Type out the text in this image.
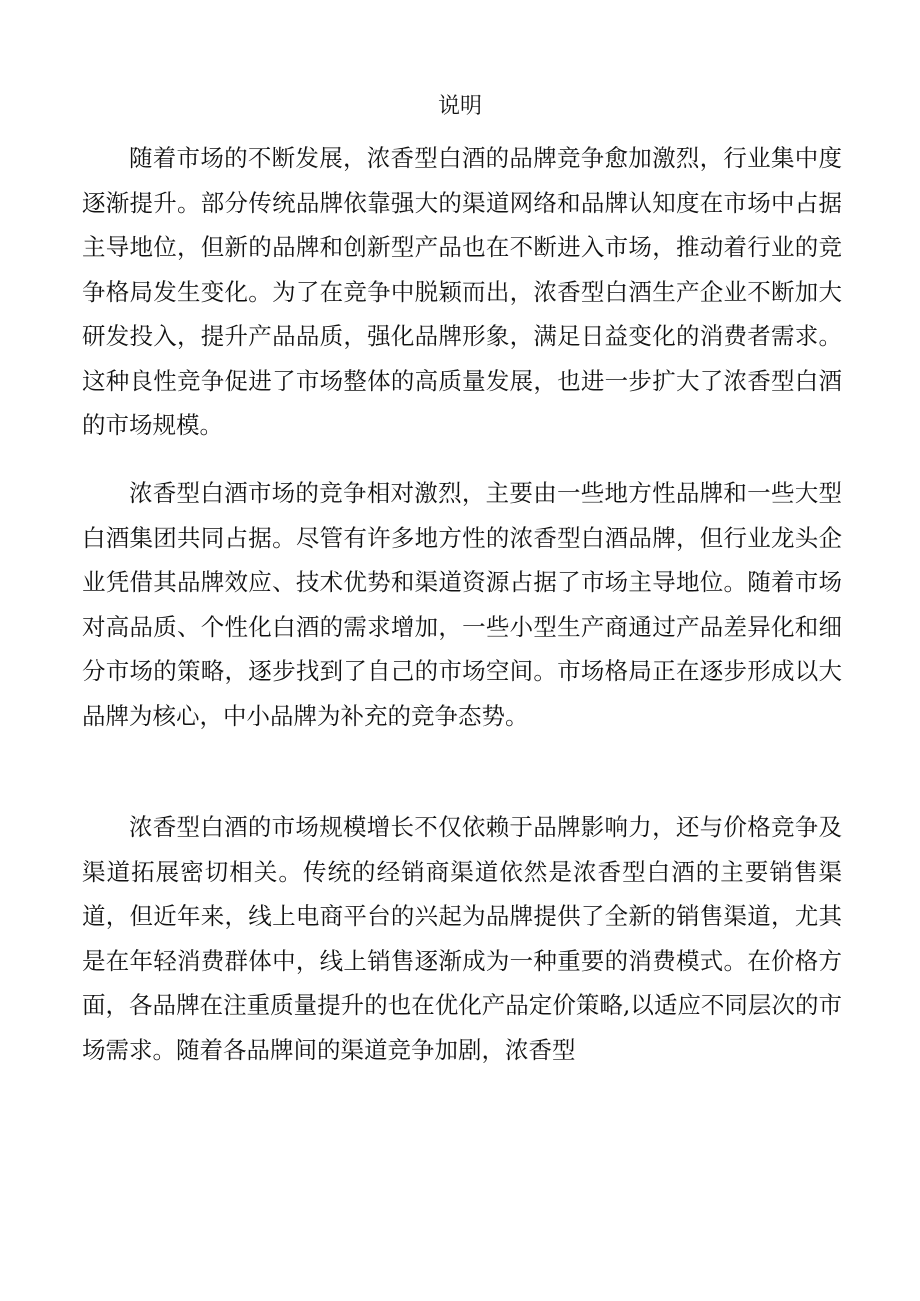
说明

随着市场的不断发展，浓香型白酒的品牌竞争愈加激烈，行业集中度逐渐提升。部分传统品牌依靠强大的渠道网络和品牌认知度在市场中占据主导地位，但新的品牌和创新型产品也在不断进入市场，推动着行业的竞争格局发生变化。为了在竞争中脱颖而出，浓香型白酒生产企业不断加大研发投入，提升产品品质，强化品牌形象，满足日益变化的消费者需求。这种良性竞争促进了市场整体的高质量发展，也进一步扩大了浓香型白酒的市场规模。

浓香型白酒市场的竞争相对激烈，主要由一些地方性品牌和一些大型白酒集团共同占据。尽管有许多地方性的浓香型白酒品牌，但行业龙头企业凭借其品牌效应、技术优势和渠道资源占据了市场主导地位。随着市场对高品质、个性化白酒的需求增加，一些小型生产商通过产品差异化和细分市场的策略，逐步找到了自己的市场空间。市场格局正在逐步形成以大品牌为核心，中小品牌为补充的竞争态势。

浓香型白酒的市场规模增长不仅依赖于品牌影响力，还与价格竞争及渠道拓展密切相关。传统的经销商渠道依然是浓香型白酒的主要销售渠道，但近年来，线上电商平台的兴起为品牌提供了全新的销售渠道，尤其是在年轻消费群体中，线上销售逐渐成为一种重要的消费模式。在价格方面，各品牌在注重质量提升的也在优化产品定价策略,以适应不同层次的市场需求。随着各品牌间的渠道竞争加剧，浓香型
